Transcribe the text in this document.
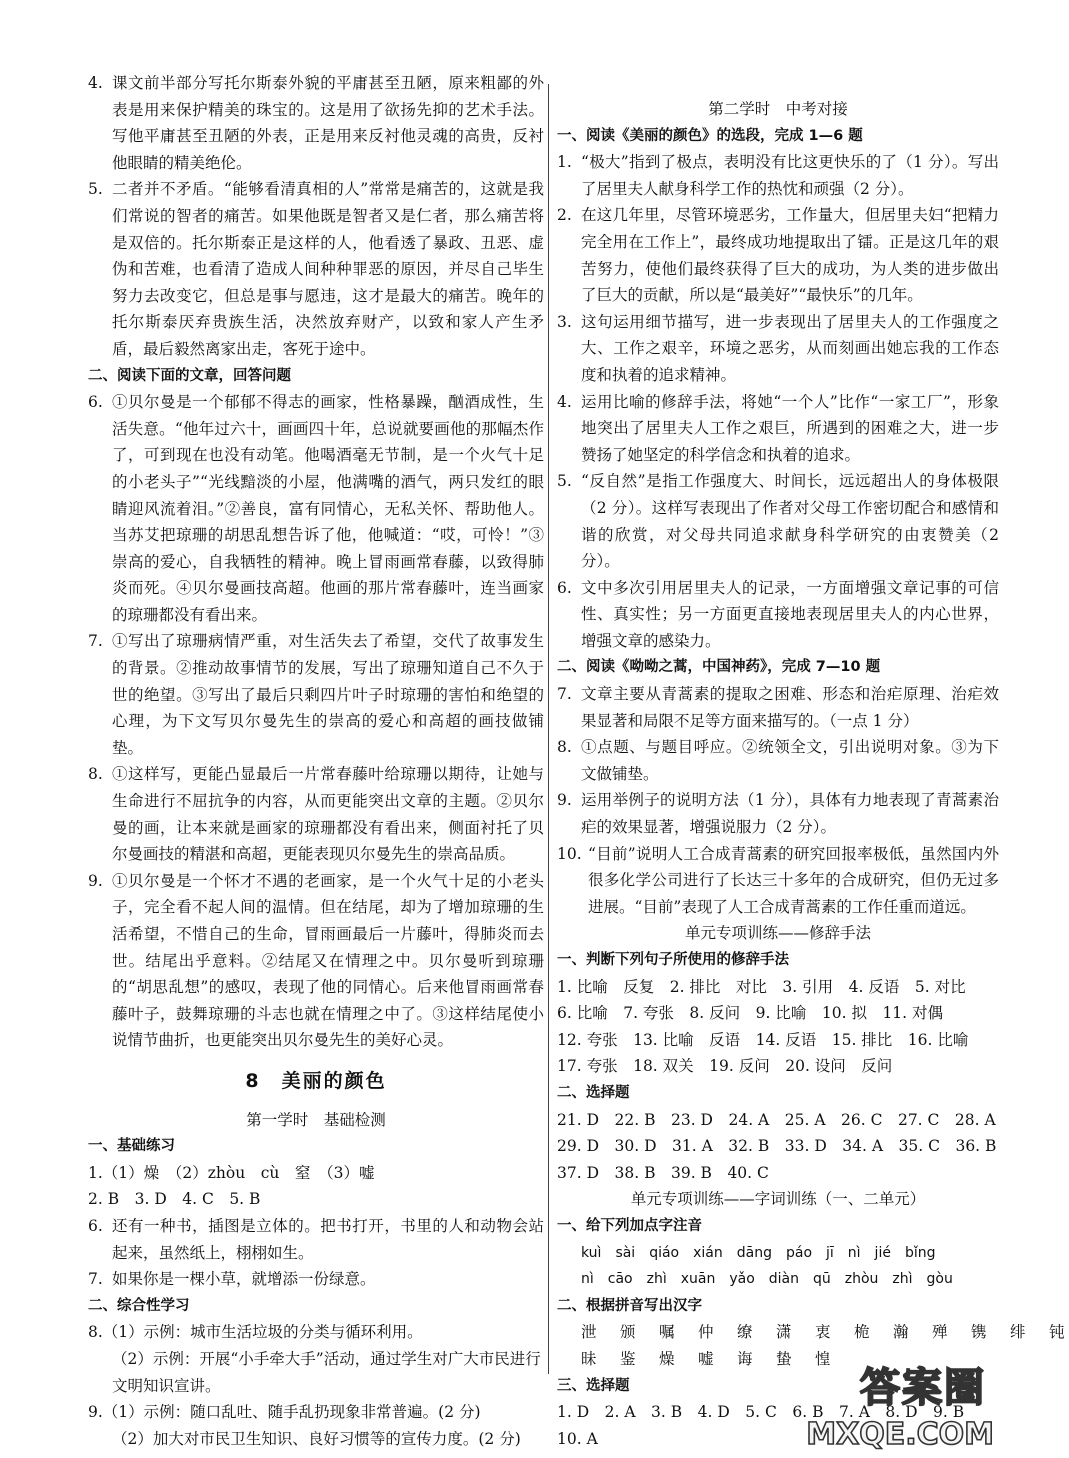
4. 课文前半部分写托尔斯泰外貌的平庸甚至丑陋，原来粗鄙的外表是用来保护精美的珠宝的。这是用了欲扬先抑的艺术手法。写他平庸甚至丑陋的外表，正是用来反衬他灵魂的高贵，反衬他眼睛的精美绝伦。
5. 二者并不矛盾。“能够看清真相的人”常常是痛苦的，这就是我们常说的智者的痛苦。如果他既是智者又是仁者，那么痛苦将是双倍的。托尔斯泰正是这样的人，他看透了暴政、丑恶、虚伪和苦难，也看清了造成人间种种罪恶的原因，并尽自己毕生努力去改变它，但总是事与愿违，这才是最大的痛苦。晚年的托尔斯泰厌弃贵族生活，决然放弃财产，以致和家人产生矛盾，最后毅然离家出走，客死于途中。
二、阅读下面的文章，回答问题
6. ①贝尔曼是一个郁郁不得志的画家，性格暴躁，酗酒成性，生活失意。“他年过六十，画画四十年，总说就要画他的那幅杰作了，可到现在也没有动笔。他喝酒毫无节制，是一个火气十足的小老头子”“光线黯淡的小屋，他满嘴的酒气，两只发红的眼睛迎风流着泪。”②善良，富有同情心，无私关怀、帮助他人。当苏艾把琼珊的胡思乱想告诉了他，他喊道：“哎，可怜！”③崇高的爱心，自我牺牲的精神。晚上冒雨画常春藤，以致得肺炎而死。④贝尔曼画技高超。他画的那片常春藤叶，连当画家的琼珊都没有看出来。
7. ①写出了琼珊病情严重，对生活失去了希望，交代了故事发生的背景。②推动故事情节的发展，写出了琼珊知道自己不久于世的绝望。③写出了最后只剩四片叶子时琼珊的害怕和绝望的心理，为下文写贝尔曼先生的崇高的爱心和高超的画技做铺垫。
8. ①这样写，更能凸显最后一片常春藤叶给琼珊以期待，让她与生命进行不屈抗争的内容，从而更能突出文章的主题。②贝尔曼的画，让本来就是画家的琼珊都没有看出来，侧面衬托了贝尔曼画技的精湛和高超，更能表现贝尔曼先生的崇高品质。
9. ①贝尔曼是一个怀才不遇的老画家，是一个火气十足的小老头子，完全看不起人间的温情。但在结尾，却为了增加琼珊的生活希望，不惜自己的生命，冒雨画最后一片藤叶，得肺炎而去世。结尾出乎意料。②结尾又在情理之中。贝尔曼听到琼珊的“胡思乱想”的感叹，表现了他的同情心。后来他冒雨画常春藤叶子，鼓舞琼珊的斗志也就在情理之中了。③这样结尾使小说情节曲折，也更能突出贝尔曼先生的美好心灵。
8　美丽的颜色
第一学时　基础检测
一、基础练习
1.（1）燥　（2）zhòu　cù　窒　（3）嘘
2. B　3. D　4. C　5. B
6. 还有一种书，插图是立体的。把书打开，书里的人和动物会站起来，虽然纸上，栩栩如生。
7. 如果你是一棵小草，就增添一份绿意。
二、综合性学习
8.（1）示例：城市生活垃圾的分类与循环利用。
（2）示例：开展“小手牵大手”活动，通过学生对广大市民进行文明知识宣讲。
9.（1）示例：随口乱吐、随手乱扔现象非常普遍。(2 分)
（2）加大对市民卫生知识、良好习惯等的宣传力度。(2 分)
第二学时　中考对接
一、阅读《美丽的颜色》的选段，完成 1—6 题
1. “极大”指到了极点，表明没有比这更快乐的了（1 分）。写出了居里夫人献身科学工作的热忱和顽强（2 分）。
2. 在这几年里，尽管环境恶劣，工作量大，但居里夫妇“把精力完全用在工作上”，最终成功地提取出了镭。正是这几年的艰苦努力，使他们最终获得了巨大的成功，为人类的进步做出了巨大的贡献，所以是“最美好”“最快乐”的几年。
3. 这句运用细节描写，进一步表现出了居里夫人的工作强度之大、工作之艰辛，环境之恶劣，从而刻画出她忘我的工作态度和执着的追求精神。
4. 运用比喻的修辞手法，将她“一个人”比作“一家工厂”，形象地突出了居里夫人工作之艰巨，所遇到的困难之大，进一步赞扬了她坚定的科学信念和执着的追求。
5. “反自然”是指工作强度大、时间长，远远超出人的身体极限（2 分）。这样写表现出了作者对父母工作密切配合和感情和谐的欣赏，对父母共同追求献身科学研究的由衷赞美（2 分）。
6. 文中多次引用居里夫人的记录，一方面增强文章记事的可信性、真实性；另一方面更直接地表现居里夫人的内心世界，增强文章的感染力。
二、阅读《呦呦之蒿，中国神药》，完成 7—10 题
7. 文章主要从青蒿素的提取之困难、形态和治疟原理、治疟效果显著和局限不足等方面来描写的。（一点 1 分）
8. ①点题、与题目呼应。②统领全文，引出说明对象。③为下文做铺垫。
9. 运用举例子的说明方法（1 分），具体有力地表现了青蒿素治疟的效果显著，增强说服力（2 分）。
10. “目前”说明人工合成青蒿素的研究回报率极低，虽然国内外很多化学公司进行了长达三十多年的合成研究，但仍无过多进展。“目前”表现了人工合成青蒿素的工作任重而道远。
单元专项训练——修辞手法
一、判断下列句子所使用的修辞手法
1. 比喻　反复　2. 排比　对比　3. 引用　4. 反语　5. 对比
6. 比喻　7. 夸张　8. 反问　9. 比喻　10. 拟　11. 对偶
12. 夸张　13. 比喻　反语　14. 反语　15. 排比　16. 比喻
17. 夸张　18. 双关　19. 反问　20. 设问　反问
二、选择题
21. D　22. B　23. D　24. A　25. A　26. C　27. C　28. A
29. D　30. D　31. A　32. B　33. D　34. A　35. C　36. B
37. D　38. B　39. B　40. C
单元专项训练——字词训练（一、二单元）
一、给下列加点字注音
kuì　sài　qiáo　xián　dāng　páo　jī　nì　jié　bǐng
nì　cāo　zhì　xuān　yǎo　diàn　qū　zhòu　zhì　gòu
二、根据拼音写出汉字
泄　颁　嘱　仲　缭　潇　衷　桅　瀚　殚　镌　绯　钝
昧　鉴　燥　嘘　诲　蛰　惶
三、选择题
1. D　2. A　3. B　4. D　5. C　6. B　7. A　8. D　9. B
10. A
答案圈
MXQE.COM
